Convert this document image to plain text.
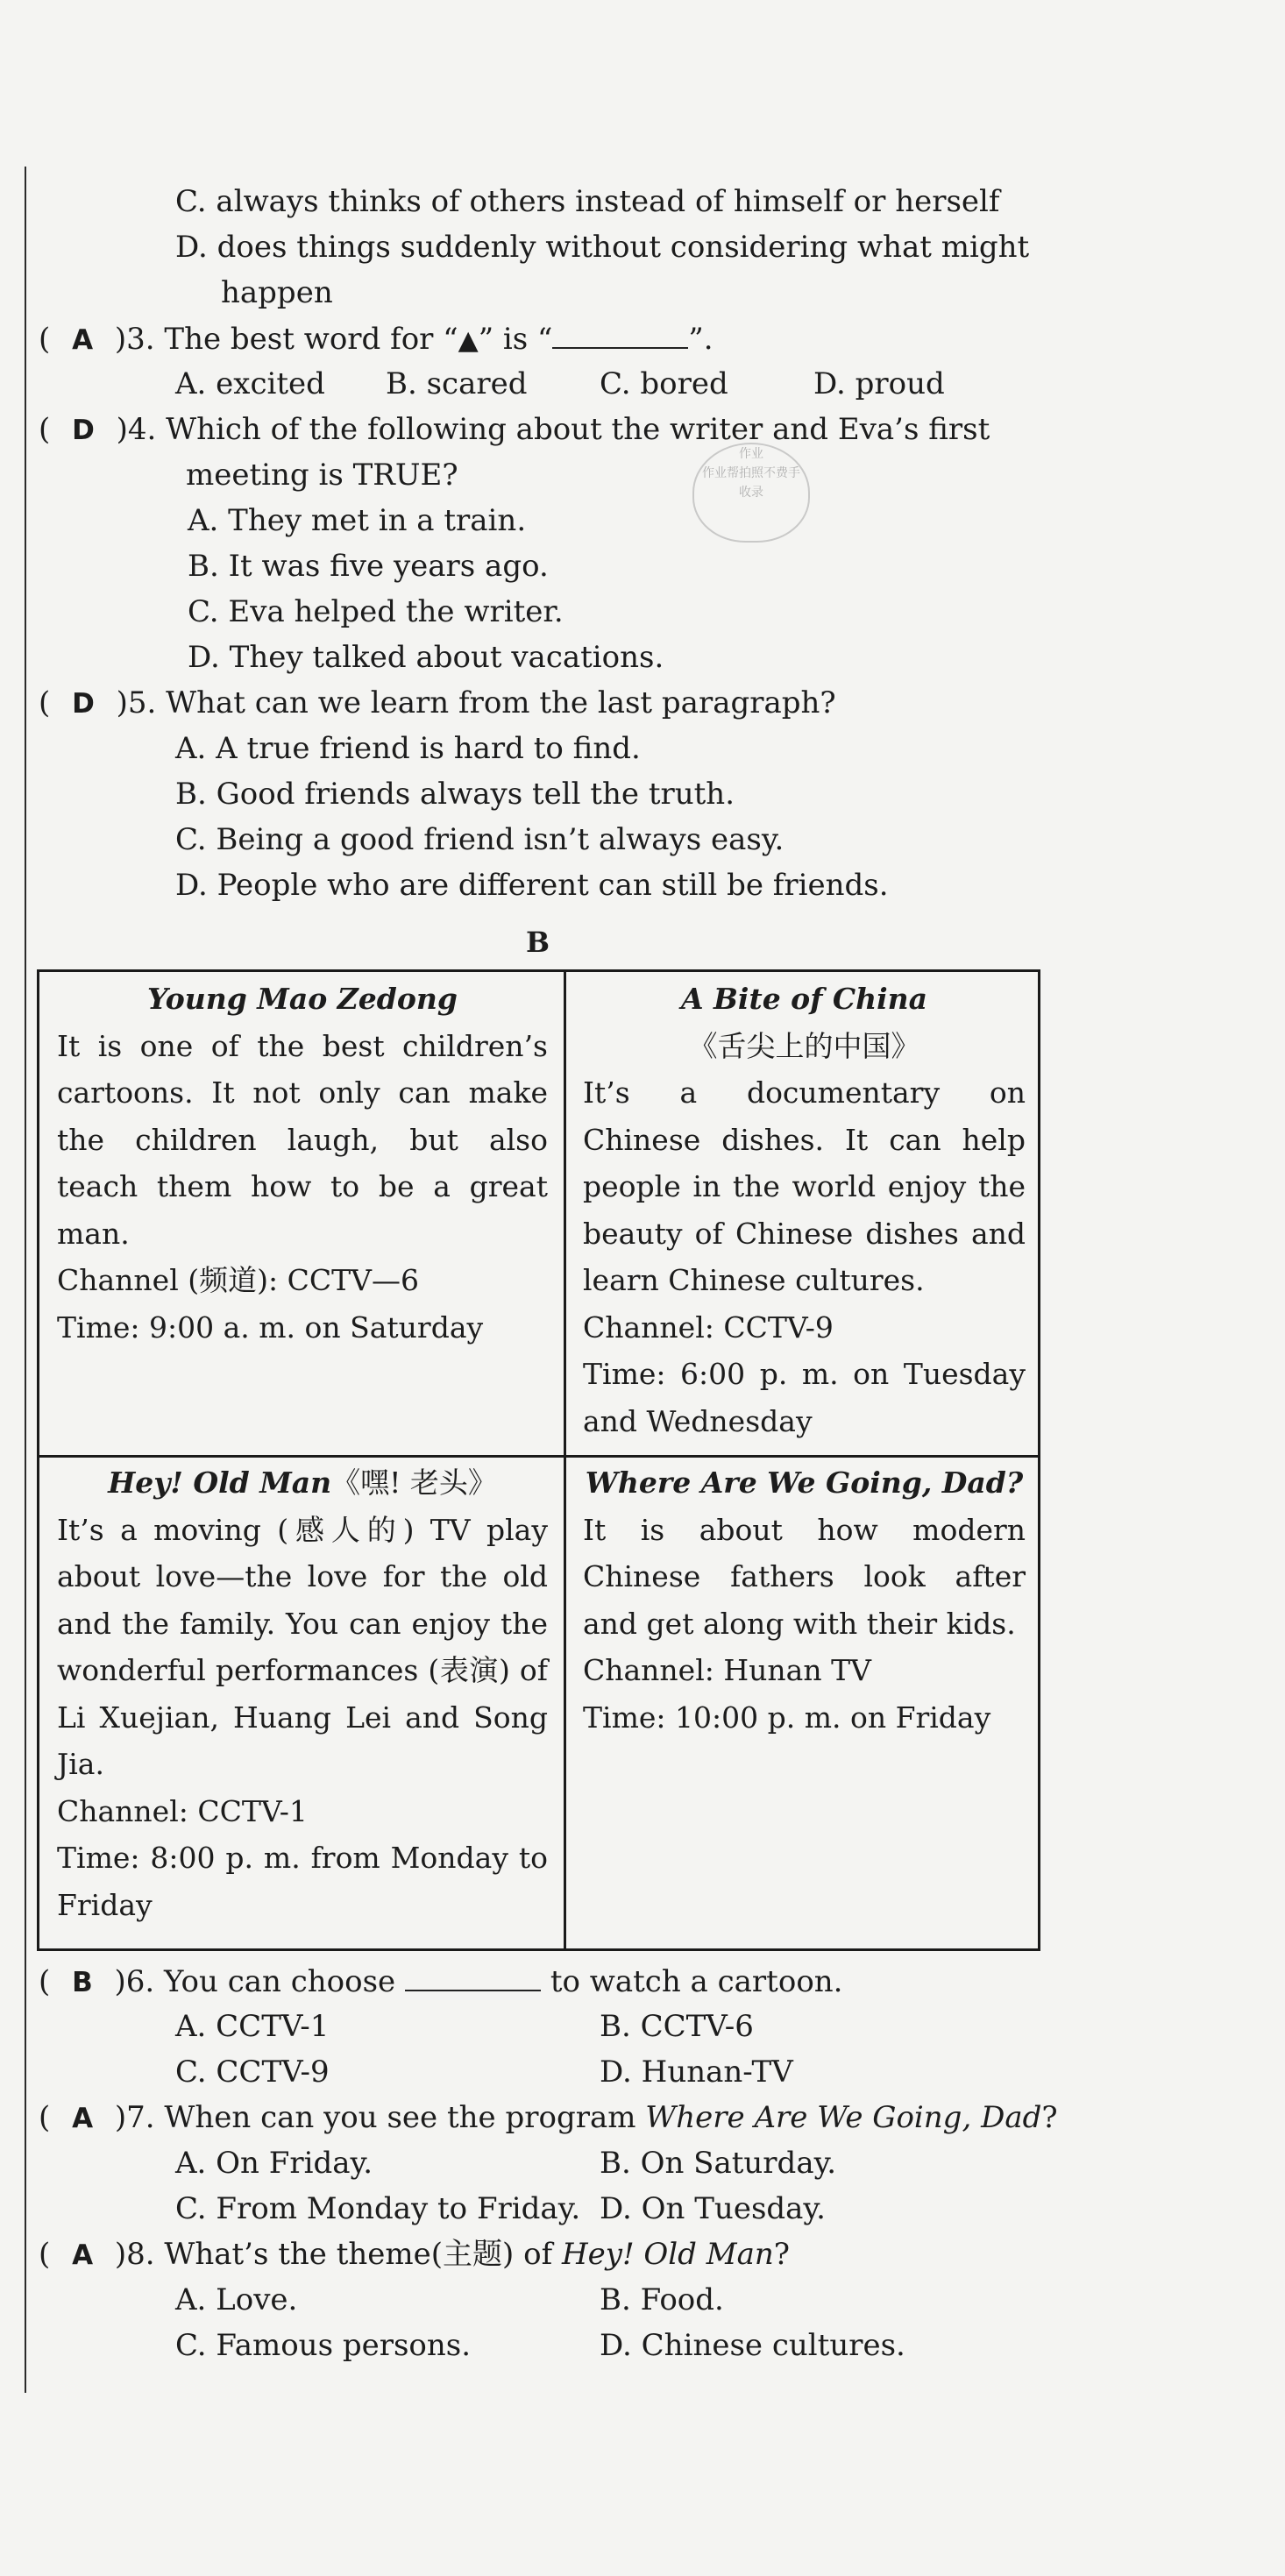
C. always thinks of others instead of himself or herself
D. does things suddenly without considering what might
happen
( A )3. The best word for “▲” is “	”.
A. excited B. scared C. bored	D. proud
( D )4. Which of the following about the writer and Eva’s first
meeting is TRUE?
A. They met in a train.
B. It was five years ago.
C. Eva helped the writer.
D. They talked about vacations.
作业
作业帮拍照不费手
收录
( D )5. What can we learn from the last paragraph?
A. A true friend is hard to find.
B. Good friends always tell the truth.
C. Being a good friend isn’t always easy.
D. People who are different can still be friends.
B

Young Mao Zedong

It is one of the best children’s cartoons. It not only can make the children laugh, but also teach them how to be a great man.

Channel (频道): CCTV—6

Time: 9:00 a. m. on Saturday

A Bite of China

《舌尖上的中国》

It’s a documentary on Chinese dishes. It can help people in the world enjoy the beauty of Chinese dishes and learn Chinese cultures.

Channel: CCTV-9

Time: 6:00 p. m. on Tuesday and Wednesday

Hey! Old Man《嘿! 老头》

It’s a moving (感人的) TV play about love—the love for the old and the family. You can enjoy the wonderful performances (表演) of Li Xuejian, Huang Lei and Song Jia.

Channel: CCTV-1

Time: 8:00 p. m. from Monday to Friday

Where Are We Going, Dad?

It is about how modern Chinese fathers look after and get along with their kids.

Channel: Hunan TV

Time: 10:00 p. m. on Friday

( B )6. You can choose	to watch a cartoon.
A. CCTV-1	B. CCTV-6
C. CCTV-9	D. Hunan-TV
( A )7. When can you see the program Where Are We Going, Dad?
A. On Friday.	B. On Saturday.
C. From Monday to Friday. D. On Tuesday.
( A )8. What’s the theme(主题) of Hey! Old Man?
A. Love.	B. Food.
C. Famous persons.	D. Chinese cultures.
